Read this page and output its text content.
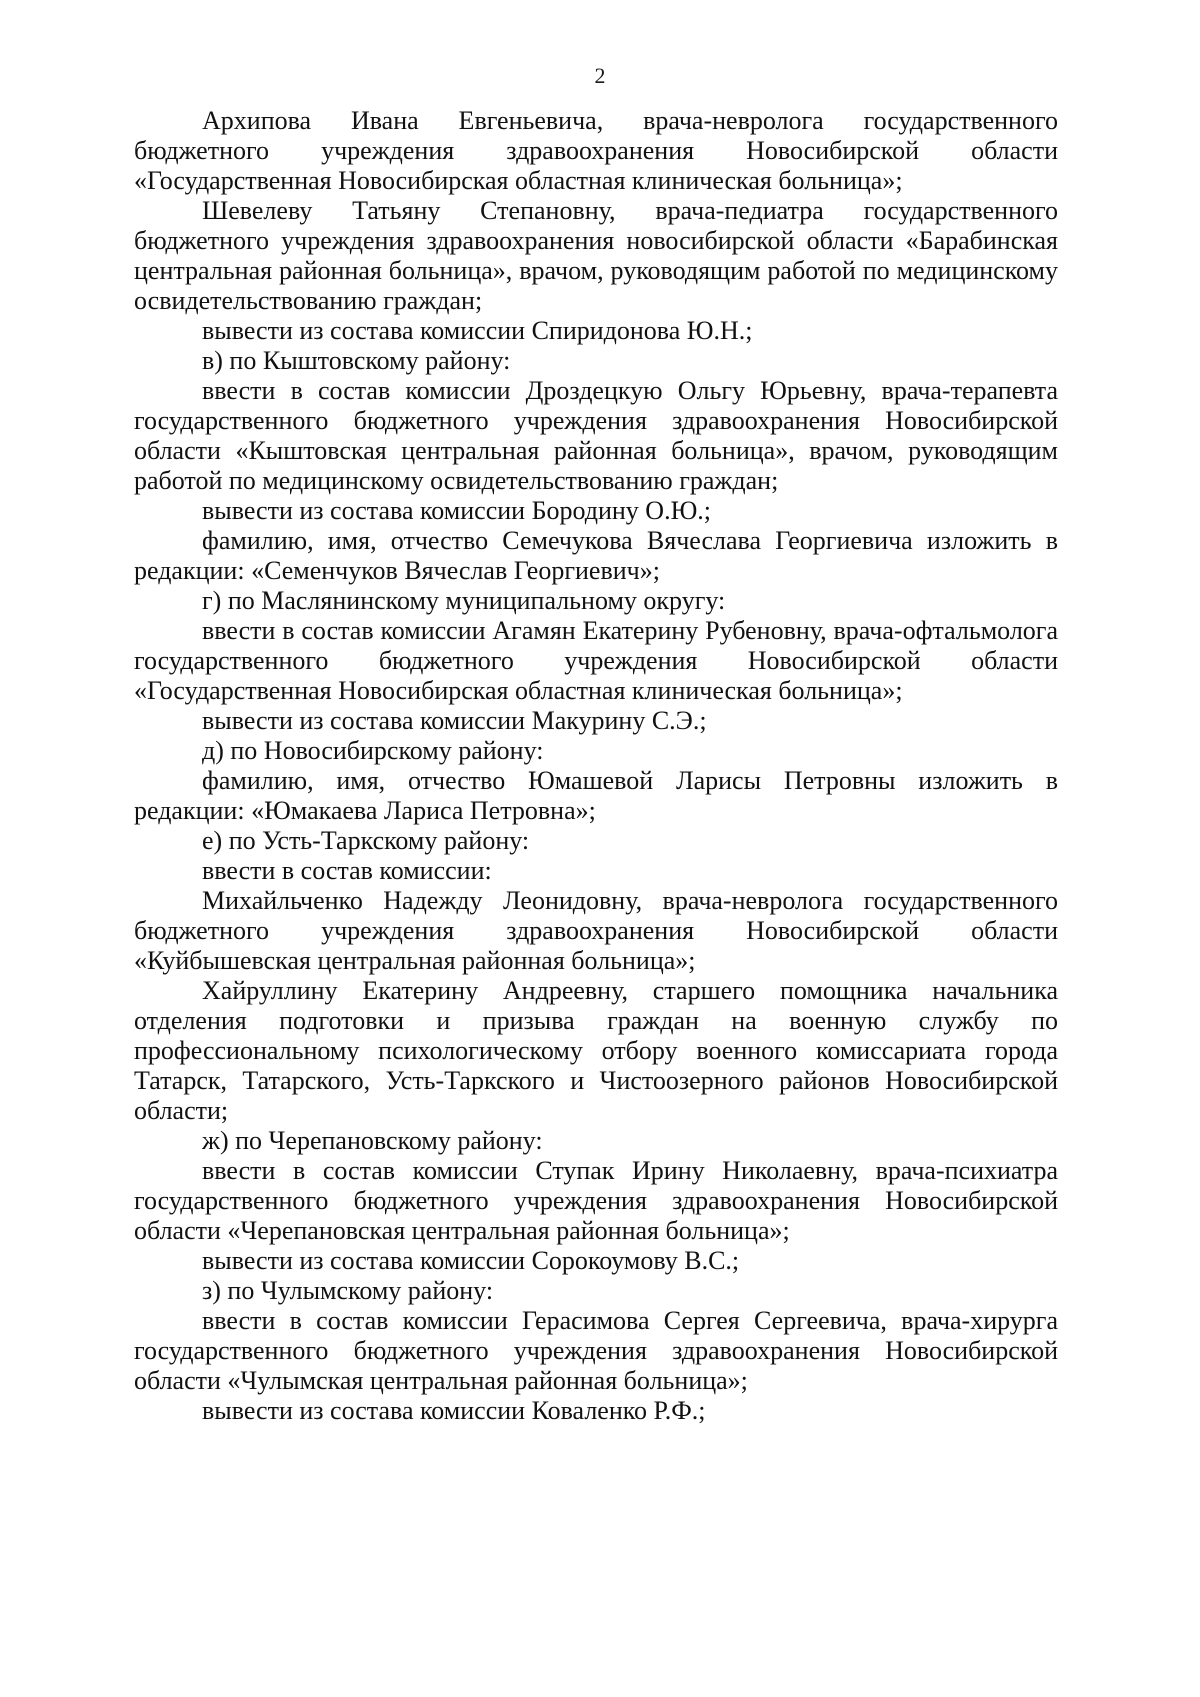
2

Архипова Ивана Евгеньевича, врача-невролога государственного бюджетного учреждения здравоохранения Новосибирской области «Государственная Новосибирская областная клиническая больница»;

Шевелеву Татьяну Степановну, врача-педиатра государственного бюджетного учреждения здравоохранения новосибирской области «Барабинская центральная районная больница», врачом, руководящим работой по медицинскому освидетельствованию граждан;

вывести из состава комиссии Спиридонова Ю.Н.;

в) по Кыштовскому району:

ввести в состав комиссии Дроздецкую Ольгу Юрьевну, врача-терапевта государственного бюджетного учреждения здравоохранения Новосибирской области «Кыштовская центральная районная больница», врачом, руководящим работой по медицинскому освидетельствованию граждан;

вывести из состава комиссии Бородину О.Ю.;

фамилию, имя, отчество Семечукова Вячеслава Георгиевича изложить в редакции: «Семенчуков Вячеслав Георгиевич»;

г) по Маслянинскому муниципальному округу:

ввести в состав комиссии Агамян Екатерину Рубеновну, врача-офтальмолога государственного бюджетного учреждения Новосибирской области «Государственная Новосибирская областная клиническая больница»;

вывести из состава комиссии Макурину С.Э.;

д) по Новосибирскому району:

фамилию, имя, отчество Юмашевой Ларисы Петровны изложить в редакции: «Юмакаева Лариса Петровна»;

е) по Усть-Таркскому району:

ввести в состав комиссии:

Михайльченко Надежду Леонидовну, врача-невролога государственного бюджетного учреждения здравоохранения Новосибирской области «Куйбышевская центральная районная больница»;

Хайруллину Екатерину Андреевну, старшего помощника начальника отделения подготовки и призыва граждан на военную службу по профессиональному психологическому отбору военного комиссариата города Татарск, Татарского, Усть-Таркского и Чистоозерного районов Новосибирской области;

ж) по Черепановскому району:

ввести в состав комиссии Ступак Ирину Николаевну, врача-психиатра государственного бюджетного учреждения здравоохранения Новосибирской области «Черепановская центральная районная больница»;

вывести из состава комиссии Сорокоумову В.С.;

з) по Чулымскому району:

ввести в состав комиссии Герасимова Сергея Сергеевича, врача-хирурга государственного бюджетного учреждения здравоохранения Новосибирской области «Чулымская центральная районная больница»;

вывести из состава комиссии Коваленко Р.Ф.;
